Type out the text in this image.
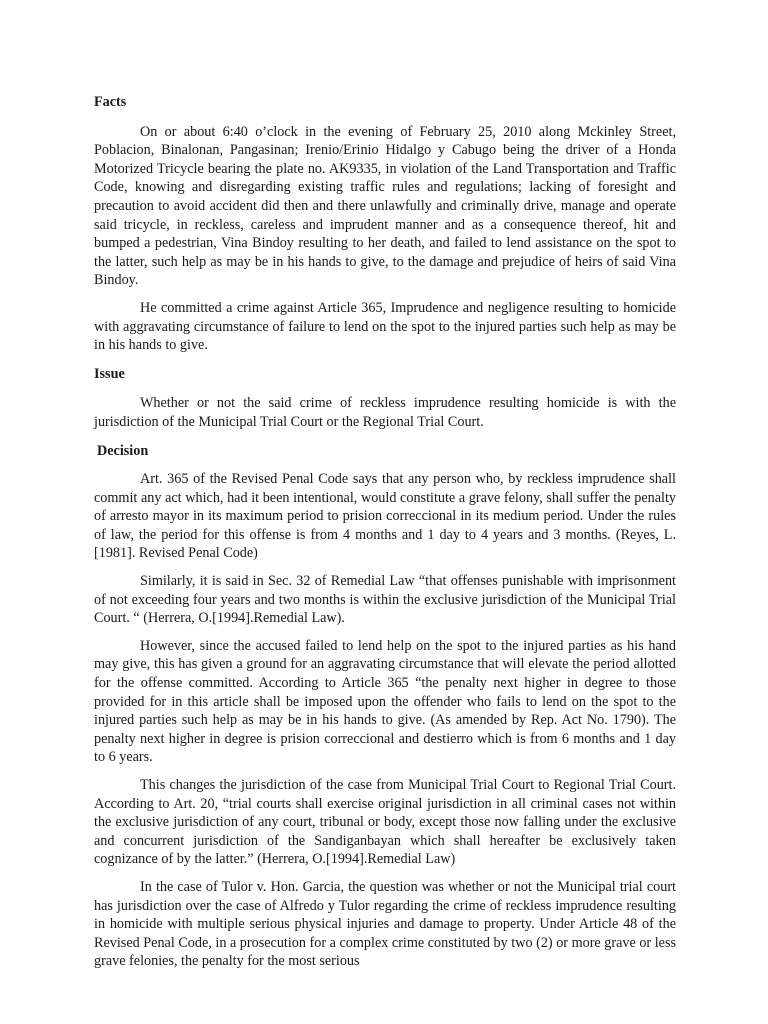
Facts

On or about 6:40 o’clock in the evening of February 25, 2010 along Mckinley Street, Poblacion, Binalonan, Pangasinan; Irenio/Erinio Hidalgo y Cabugo being the driver of a Honda Motorized Tricycle bearing the plate no. AK9335, in violation of the Land Transportation and Traffic Code, knowing and disregarding existing traffic rules and regulations; lacking of foresight and precaution to avoid accident did then and there unlawfully and criminally drive, manage and operate said tricycle, in reckless, careless and imprudent manner and as a consequence thereof, hit and bumped a pedestrian, Vina Bindoy resulting to her death, and failed to lend assistance on the spot to the latter, such help as may be in his hands to give, to the damage and prejudice of heirs of said Vina Bindoy.

He committed a crime against Article 365, Imprudence and negligence resulting to homicide with aggravating circumstance of failure to lend on the spot to the injured parties such help as may be in his hands to give.

Issue

Whether or not the said crime of reckless imprudence resulting homicide is with the jurisdiction of the Municipal Trial Court or the Regional Trial Court.

Decision

Art. 365 of the Revised Penal Code says that any person who, by reckless imprudence shall commit any act which, had it been intentional, would constitute a grave felony, shall suffer the penalty of arresto mayor in its maximum period to prision correccional in its medium period. Under the rules of law, the period for this offense is from 4 months and 1 day to 4 years and 3 months. (Reyes, L. [1981]. Revised Penal Code)

Similarly, it is said in Sec. 32 of Remedial Law “that offenses punishable with imprisonment of not exceeding four years and two months is within the exclusive jurisdiction of the Municipal Trial Court. “ (Herrera, O.[1994].Remedial Law).

However, since the accused failed to lend help on the spot to the injured parties as his hand may give, this has given a ground for an aggravating circumstance that will elevate the period allotted for the offense committed. According to Article 365 “the penalty next higher in degree to those provided for in this article shall be imposed upon the offender who fails to lend on the spot to the injured parties such help as may be in his hands to give. (As amended by Rep. Act No. 1790). The penalty next higher in degree is prision correccional and destierro which is from 6 months and 1 day to 6 years.

This changes the jurisdiction of the case from Municipal Trial Court to Regional Trial Court. According to Art. 20, “trial courts shall exercise original jurisdiction in all criminal cases not within the exclusive jurisdiction of any court, tribunal or body, except those now falling under the exclusive and concurrent jurisdiction of the Sandiganbayan which shall hereafter be exclusively taken cognizance of by the latter.” (Herrera, O.[1994].Remedial Law)

In the case of Tulor v. Hon. Garcia, the question was whether or not the Municipal trial court has jurisdiction over the case of Alfredo y Tulor regarding the crime of reckless imprudence resulting in homicide with multiple serious physical injuries and damage to property. Under Article 48 of the Revised Penal Code, in a prosecution for a complex crime constituted by two (2) or more grave or less grave felonies, the penalty for the most serious
